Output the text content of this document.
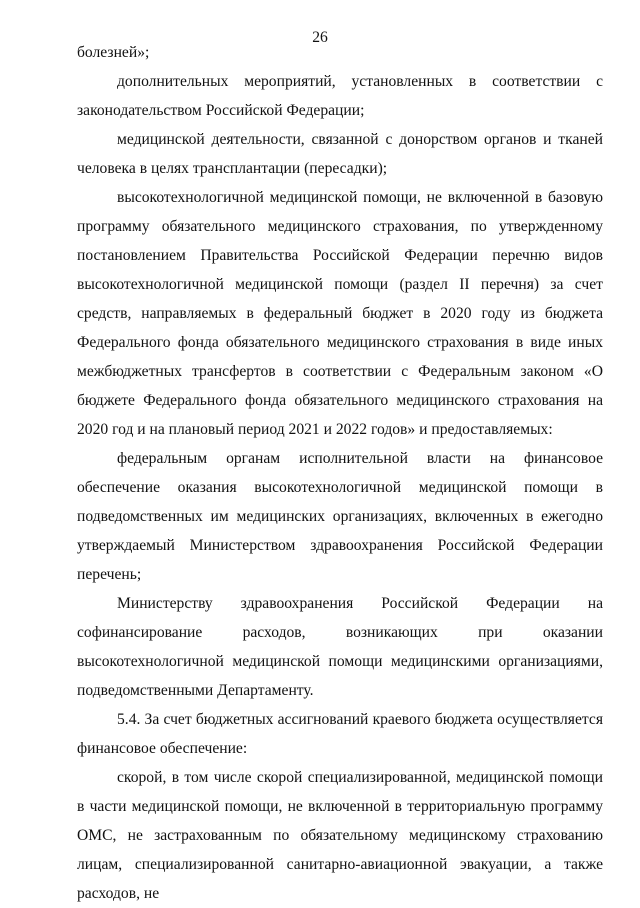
26

болезней»;

дополнительных мероприятий, установленных в соответствии с законодательством Российской Федерации;

медицинской деятельности, связанной с донорством органов и тканей человека в целях трансплантации (пересадки);

высокотехнологичной медицинской помощи, не включенной в базовую программу обязательного медицинского страхования, по утвержденному постановлением Правительства Российской Федерации перечню видов высокотехнологичной медицинской помощи (раздел II перечня) за счет средств, направляемых в федеральный бюджет в 2020 году из бюджета Федерального фонда обязательного медицинского страхования в виде иных межбюджетных трансфертов в соответствии с Федеральным законом «О бюджете Федерального фонда обязательного медицинского страхования на 2020 год и на плановый период 2021 и 2022 годов» и предоставляемых:

федеральным органам исполнительной власти на финансовое обеспечение оказания высокотехнологичной медицинской помощи в подведомственных им медицинских организациях, включенных в ежегодно утверждаемый Министерством здравоохранения Российской Федерации перечень;

Министерству здравоохранения Российской Федерации на софинансирование расходов, возникающих при оказании высокотехнологичной медицинской помощи медицинскими организациями, подведомственными Департаменту.

5.4. За счет бюджетных ассигнований краевого бюджета осуществляется финансовое обеспечение:

скорой, в том числе скорой специализированной, медицинской помощи в части медицинской помощи, не включенной в территориальную программу ОМС, не застрахованным по обязательному медицинскому страхованию лицам, специализированной санитарно-авиационной эвакуации, а также расходов, не
